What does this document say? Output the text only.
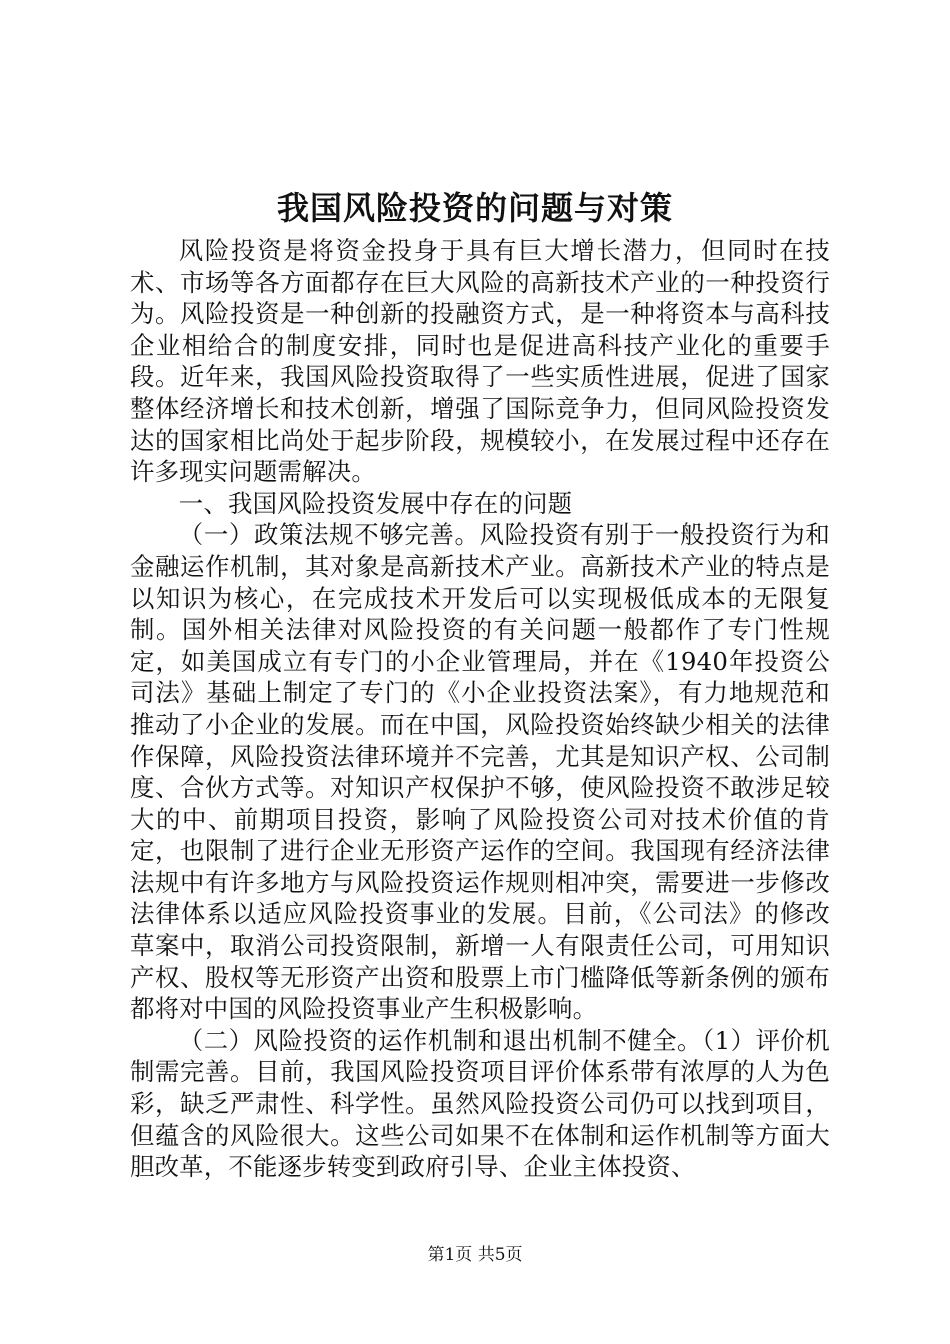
我国风险投资的问题与对策

风险投资是将资金投身于具有巨大增长潜力，但同时在技术、市场等各方面都存在巨大风险的高新技术产业的一种投资行为。风险投资是一种创新的投融资方式，是一种将资本与高科技企业相给合的制度安排，同时也是促进高科技产业化的重要手段。近年来，我国风险投资取得了一些实质性进展，促进了国家整体经济增长和技术创新，增强了国际竞争力，但同风险投资发达的国家相比尚处于起步阶段，规模较小，在发展过程中还存在许多现实问题需解决。

一、我国风险投资发展中存在的问题

（一）政策法规不够完善。风险投资有别于一般投资行为和金融运作机制，其对象是高新技术产业。高新技术产业的特点是以知识为核心，在完成技术开发后可以实现极低成本的无限复制。国外相关法律对风险投资的有关问题一般都作了专门性规定，如美国成立有专门的小企业管理局，并在《1940年投资公司法》基础上制定了专门的《小企业投资法案》，有力地规范和推动了小企业的发展。而在中国，风险投资始终缺少相关的法律作保障，风险投资法律环境并不完善，尤其是知识产权、公司制度、合伙方式等。对知识产权保护不够，使风险投资不敢涉足较大的中、前期项目投资，影响了风险投资公司对技术价值的肯定，也限制了进行企业无形资产运作的空间。我国现有经济法律法规中有许多地方与风险投资运作规则相冲突，需要进一步修改法律体系以适应风险投资事业的发展。目前，《公司法》的修改草案中，取消公司投资限制，新增一人有限责任公司，可用知识产权、股权等无形资产出资和股票上市门槛降低等新条例的颁布都将对中国的风险投资事业产生积极影响。

（二）风险投资的运作机制和退出机制不健全。（1）评价机制需完善。目前，我国风险投资项目评价体系带有浓厚的人为色彩，缺乏严肃性、科学性。虽然风险投资公司仍可以找到项目，但蕴含的风险很大。这些公司如果不在体制和运作机制等方面大胆改革，不能逐步转变到政府引导、企业主体投资、

第1页 共5页
